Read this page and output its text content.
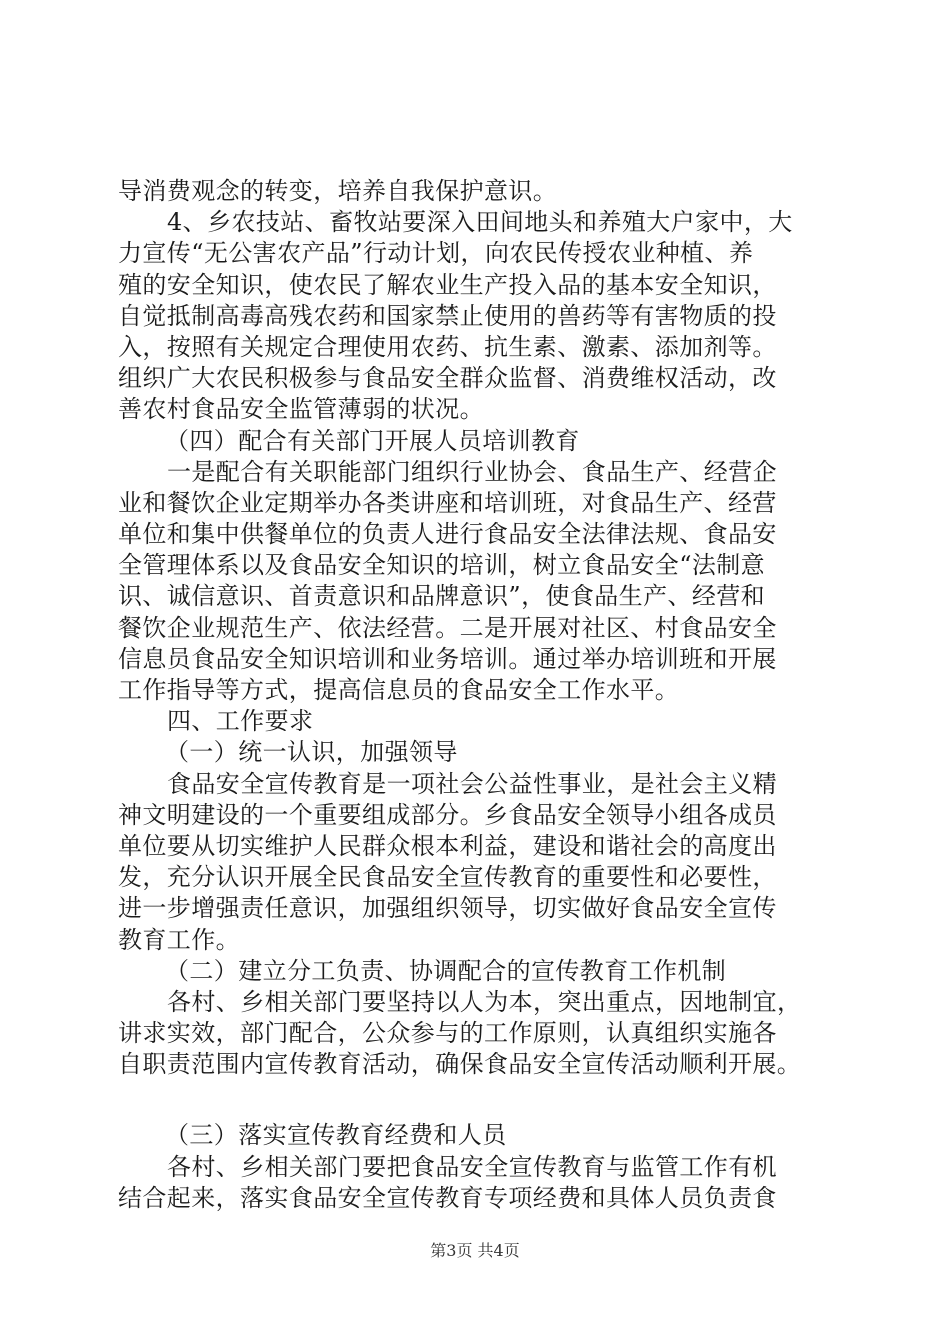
导消费观念的转变，培养自我保护意识。
4、乡农技站、畜牧站要深入田间地头和养殖大户家中，大
力宣传“无公害农产品”行动计划，向农民传授农业种植、养
殖的安全知识，使农民了解农业生产投入品的基本安全知识，
自觉抵制高毒高残农药和国家禁止使用的兽药等有害物质的投
入，按照有关规定合理使用农药、抗生素、激素、添加剂等。
组织广大农民积极参与食品安全群众监督、消费维权活动，改
善农村食品安全监管薄弱的状况。
（四）配合有关部门开展人员培训教育
一是配合有关职能部门组织行业协会、食品生产、经营企
业和餐饮企业定期举办各类讲座和培训班，对食品生产、经营
单位和集中供餐单位的负责人进行食品安全法律法规、食品安
全管理体系以及食品安全知识的培训，树立食品安全“法制意
识、诚信意识、首责意识和品牌意识”，使食品生产、经营和
餐饮企业规范生产、依法经营。二是开展对社区、村食品安全
信息员食品安全知识培训和业务培训。通过举办培训班和开展
工作指导等方式，提高信息员的食品安全工作水平。
四、工作要求
（一）统一认识，加强领导
食品安全宣传教育是一项社会公益性事业，是社会主义精
神文明建设的一个重要组成部分。乡食品安全领导小组各成员
单位要从切实维护人民群众根本利益，建设和谐社会的高度出
发，充分认识开展全民食品安全宣传教育的重要性和必要性，
进一步增强责任意识，加强组织领导，切实做好食品安全宣传
教育工作。
（二）建立分工负责、协调配合的宣传教育工作机制
各村、乡相关部门要坚持以人为本，突出重点，因地制宜，
讲求实效，部门配合，公众参与的工作原则，认真组织实施各
自职责范围内宣传教育活动，确保食品安全宣传活动顺利开展。
（三）落实宣传教育经费和人员
各村、乡相关部门要把食品安全宣传教育与监管工作有机
结合起来，落实食品安全宣传教育专项经费和具体人员负责食
第3页 共4页
